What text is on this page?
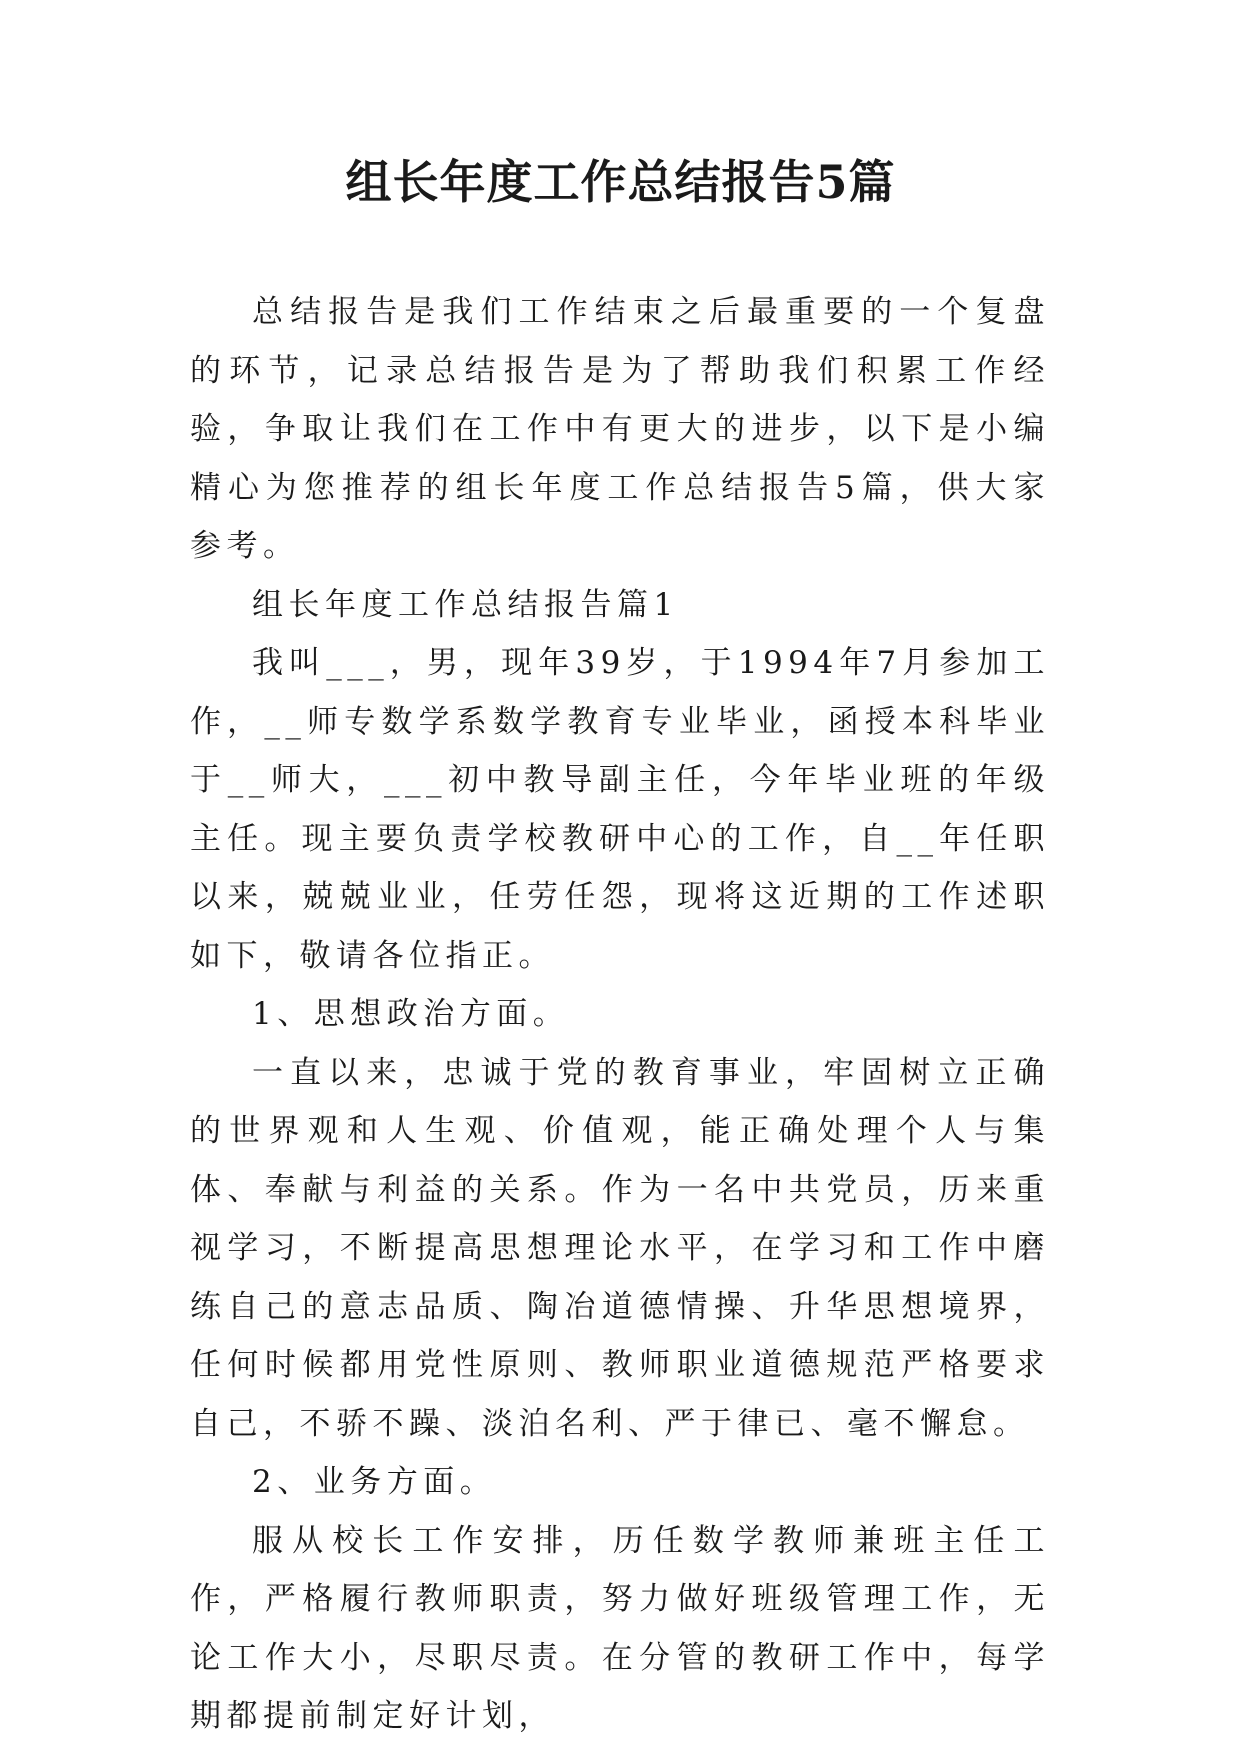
组长年度工作总结报告5篇

总结报告是我们工作结束之后最重要的一个复盘的环节，记录总结报告是为了帮助我们积累工作经验，争取让我们在工作中有更大的进步，以下是小编精心为您推荐的组长年度工作总结报告5篇，供大家参考。

组长年度工作总结报告篇1

我叫___，男，现年39岁，于1994年7月参加工作，__师专数学系数学教育专业毕业，函授本科毕业于__师大，___初中教导副主任，今年毕业班的年级主任。现主要负责学校教研中心的工作，自__年任职以来，兢兢业业，任劳任怨，现将这近期的工作述职如下，敬请各位指正。

1、思想政治方面。

一直以来，忠诚于党的教育事业，牢固树立正确的世界观和人生观、价值观，能正确处理个人与集体、奉献与利益的关系。作为一名中共党员，历来重视学习，不断提高思想理论水平，在学习和工作中磨练自己的意志品质、陶冶道德情操、升华思想境界，任何时候都用党性原则、教师职业道德规范严格要求自己，不骄不躁、淡泊名利、严于律已、毫不懈怠。

2、业务方面。

服从校长工作安排，历任数学教师兼班主任工作，严格履行教师职责，努力做好班级管理工作，无论工作大小，尽职尽责。在分管的教研工作中，每学期都提前制定好计划，
